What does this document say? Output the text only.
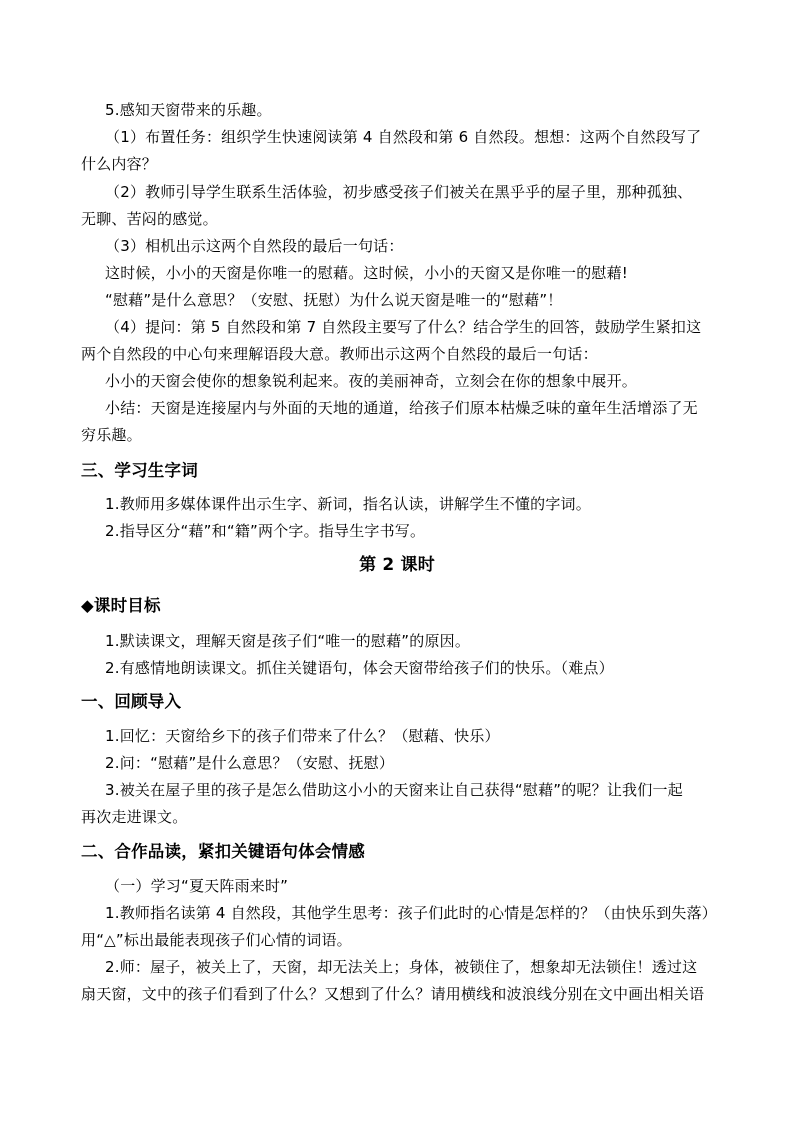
5.感知天窗带来的乐趣。
（1）布置任务：组织学生快速阅读第 4 自然段和第 6 自然段。想想：这两个自然段写了
什么内容？
（2）教师引导学生联系生活体验，初步感受孩子们被关在黑乎乎的屋子里，那种孤独、
无聊、苦闷的感觉。
（3）相机出示这两个自然段的最后一句话：
这时候，小小的天窗是你唯一的慰藉。这时候，小小的天窗又是你唯一的慰藉!
“慰藉”是什么意思？（安慰、抚慰）为什么说天窗是唯一的“慰藉”！
（4）提问：第 5 自然段和第 7 自然段主要写了什么？结合学生的回答，鼓励学生紧扣这
两个自然段的中心句来理解语段大意。教师出示这两个自然段的最后一句话：
小小的天窗会使你的想象锐利起来。夜的美丽神奇，立刻会在你的想象中展开。
小结：天窗是连接屋内与外面的天地的通道，给孩子们原本枯燥乏味的童年生活增添了无
穷乐趣。
三、学习生字词
1.教师用多媒体课件出示生字、新词，指名认读，讲解学生不懂的字词。
2.指导区分“藉”和“籍”两个字。指导生字书写。
第 2 课时
◆课时目标
1.默读课文，理解天窗是孩子们“唯一的慰藉”的原因。
2.有感情地朗读课文。抓住关键语句，体会天窗带给孩子们的快乐。（难点）
一、回顾导入
1.回忆：天窗给乡下的孩子们带来了什么？（慰藉、快乐）
2.问：“慰藉”是什么意思？（安慰、抚慰）
3.被关在屋子里的孩子是怎么借助这小小的天窗来让自己获得“慰藉”的呢？让我们一起
再次走进课文。
二、合作品读，紧扣关键语句体会情感
（一）学习“夏天阵雨来时”
1.教师指名读第 4 自然段，其他学生思考：孩子们此时的心情是怎样的？（由快乐到失落）
用“△”标出最能表现孩子们心情的词语。
2.师：屋子，被关上了，天窗，却无法关上；身体，被锁住了，想象却无法锁住！透过这
扇天窗，文中的孩子们看到了什么？又想到了什么？请用横线和波浪线分别在文中画出相关语
